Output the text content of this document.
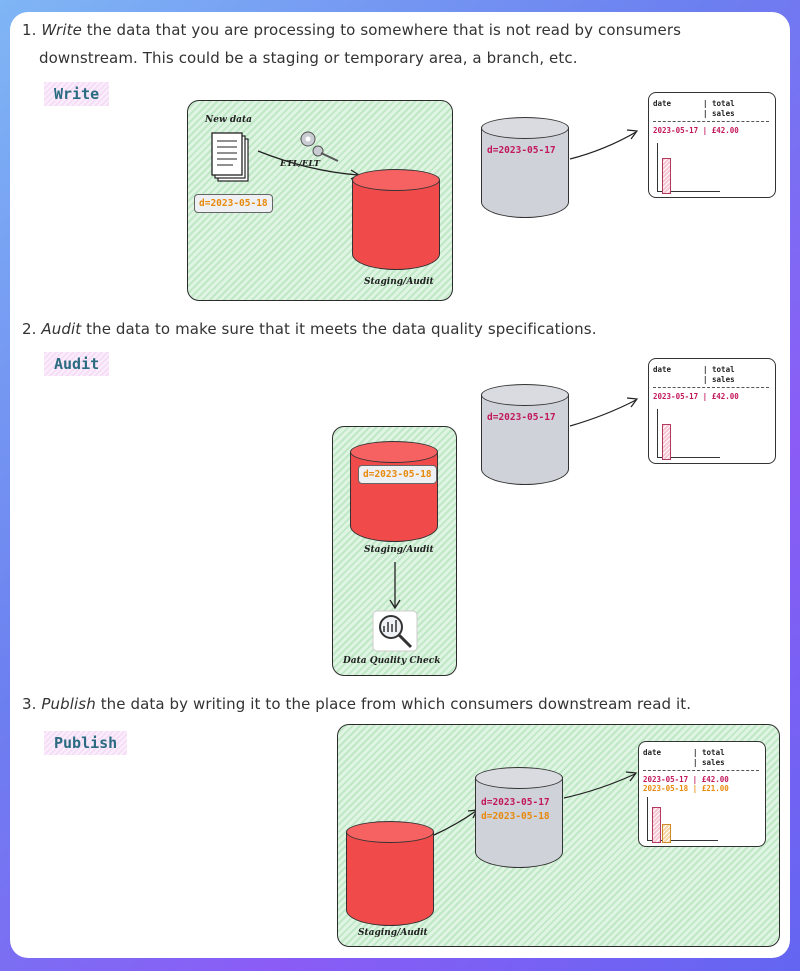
1. Write the data that you are processing to somewhere that is not read by consumers
downstream. This could be a staging or temporary area, a branch, etc.
Write
New data
ETL/ELT
d=2023-05-18
Staging/Audit
d=2023-05-17
date	| total
| sales
2023-05-17 | £42.00
2. Audit the data to make sure that it meets the data quality specifications.
Audit
d=2023-05-17
date	| total
| sales
2023-05-17 | £42.00
d=2023-05-18
Staging/Audit
Data Quality Check
3. Publish the data by writing it to the place from which consumers downstream read it.
Publish
Staging/Audit
d=2023-05-17
d=2023-05-18
date	| total
| sales
2023-05-17 | £42.00
2023-05-18 | £21.00
